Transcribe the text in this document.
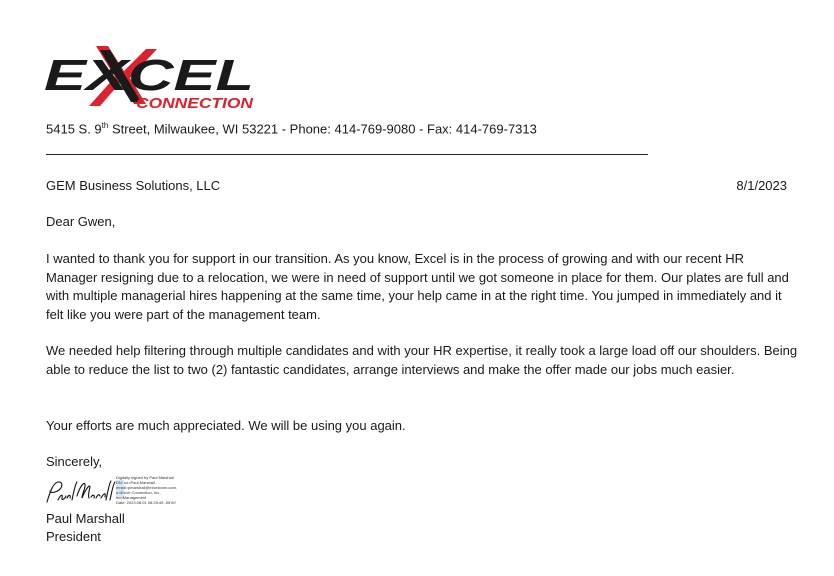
EXCEL
CONNECTION
5415 S. 9th Street, Milwaukee, WI 53221 - Phone: 414-769-9080 - Fax: 414-769-7313
GEM Business Solutions, LLC	8/1/2023
Dear Gwen,

I wanted to thank you for support in our transition. As you know, Excel is in the process of growing and with our recent HR Manager resigning due to a relocation, we were in need of support until we got someone in place for them. Our plates are full and with multiple managerial hires happening at the same time, your help came in at the right time. You jumped in immediately and it felt like you were part of the management team.

We needed help filtering through multiple candidates and with your HR expertise, it really took a large load off our shoulders. Being able to reduce the list to two (2) fantastic candidates, arrange interviews and make the offer made our jobs much easier.

Your efforts are much appreciated. We will be using you again.

Sincerely,
Digitally signed by Paul Marshall
DN: cn=Paul Marshall,
email=pmarshall@excelconn.com,
o=Excel Connection, Inc.,
ou=Management
Date: 2023.08.01 08:25:49 -05'00'
Paul Marshall
President
